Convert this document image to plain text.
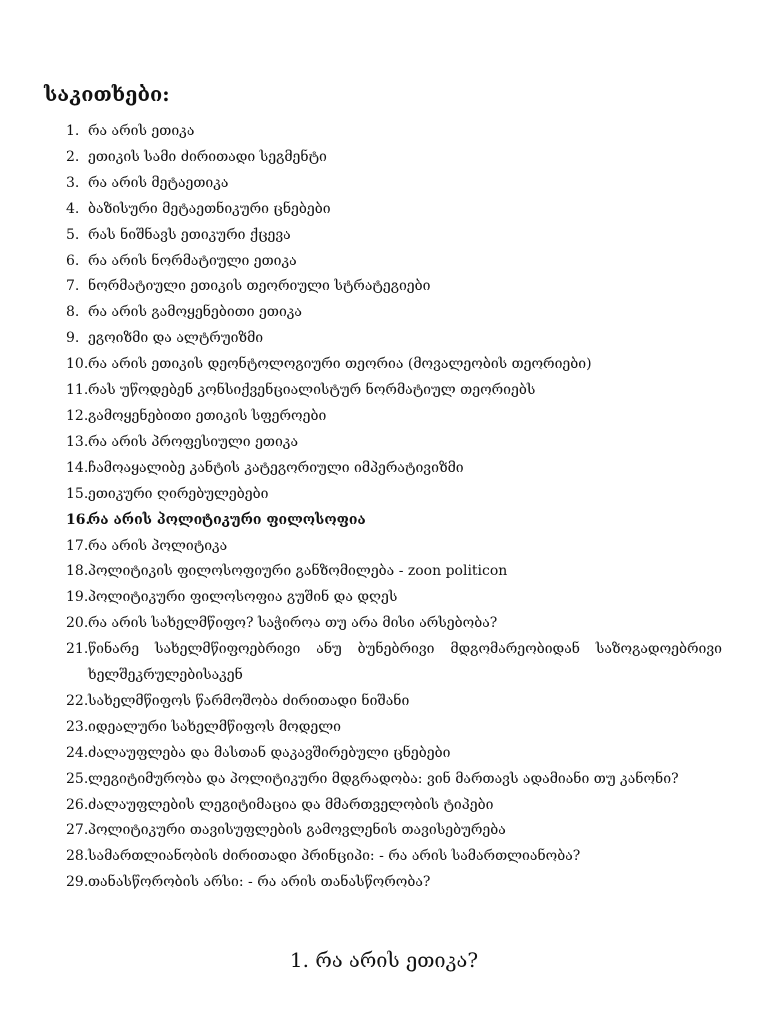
საკითხები:
1. რა არის ეთიკა
2. ეთიკის სამი ძირითადი სეგმენტი
3. რა არის მეტაეთიკა
4. ბაზისური მეტაეთნიკური ცნებები
5. რას ნიშნავს ეთიკური ქცევა
6. რა არის ნორმატიული ეთიკა
7. ნორმატიული ეთიკის თეორიული სტრატეგიები
8. რა არის გამოყენებითი ეთიკა
9. ეგოიზმი და ალტრუიზმი
10. რა არის ეთიკის დეონტოლოგიური თეორია (მოვალეობის თეორიები)
11. რას უწოდებენ კონსიქვენციალისტურ ნორმატიულ თეორიებს
12. გამოყენებითი ეთიკის სფეროები
13. რა არის პროფესიული ეთიკა
14. ჩამოაყალიბე კანტის კატეგორიული იმპერატივიზმი
15. ეთიკური ღირებულებები
16.
რა არის პოლიტიკური ფილოსოფია
17. რა არის პოლიტიკა
18. პოლიტიკის ფილოსოფიური განზომილება - zoon politicon
19. პოლიტიკური ფილოსოფია გუშინ და დღეს
20. რა არის სახელმწიფო? საჭიროა თუ არა მისი არსებობა?
21. წინარე სახელმწიფოებრივი ანუ ბუნებრივი მდგომარეობიდან საზოგადოებრივი ხელშეკრულებისაკენ
22. სახელმწიფოს წარმოშობა ძირითადი ნიშანი
23. იდეალური სახელმწიფოს მოდელი
24. ძალაუფლება და მასთან დაკავშირებული ცნებები
25. ლეგიტიმურობა და პოლიტიკური მდგრადობა: ვინ მართავს ადამიანი თუ კანონი?
26. ძალაუფლების ლეგიტიმაცია და მმართველობის ტიპები
27. პოლიტიკური თავისუფლების გამოვლენის თავისებურება
28. სამართლიანობის ძირითადი პრინციპი: - რა არის სამართლიანობა?
29. თანასწორობის არსი: - რა არის თანასწორობა?
1. რა არის ეთიკა?
